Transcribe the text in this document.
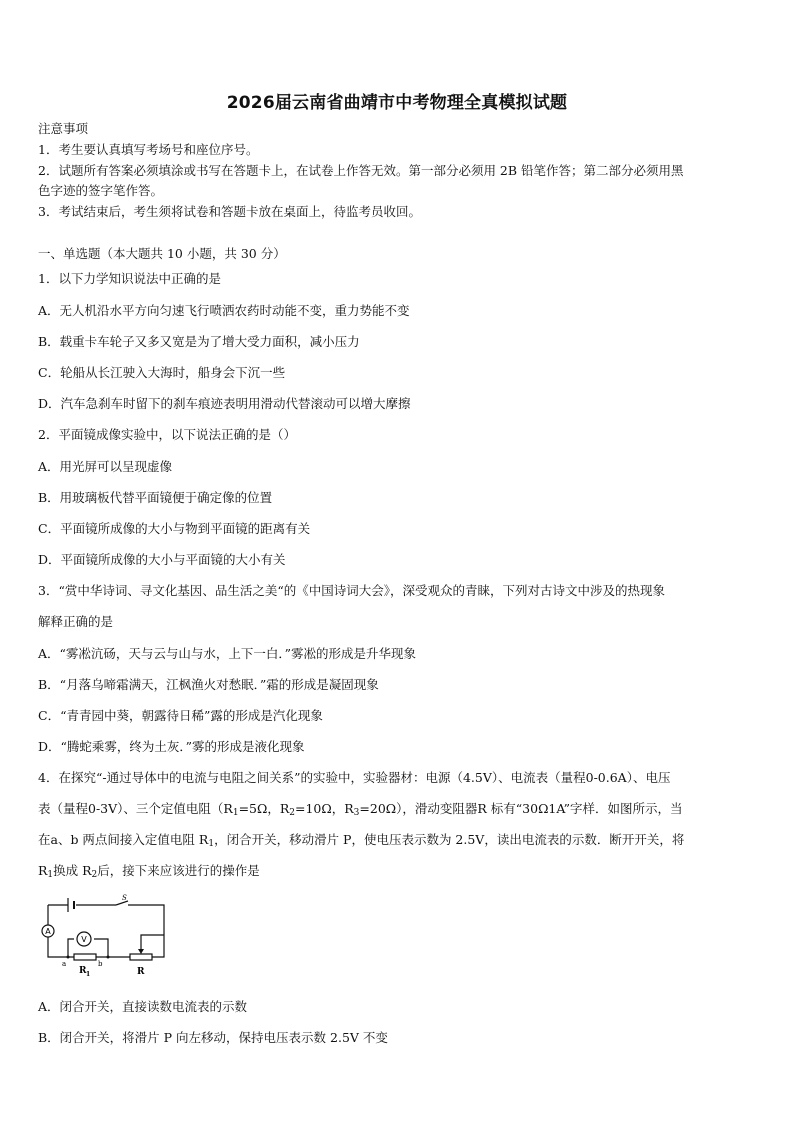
2026届云南省曲靖市中考物理全真模拟试题
注意事项
1．考生要认真填写考场号和座位序号。
2．试题所有答案必须填涂或书写在答题卡上，在试卷上作答无效。第一部分必须用 2B 铅笔作答；第二部分必须用黑
色字迹的签字笔作答。
3．考试结束后，考生须将试卷和答题卡放在桌面上，待监考员收回。
一、单选题（本大题共 10 小题，共 30 分）
1．以下力学知识说法中正确的是
A．无人机沿水平方向匀速飞行喷洒农药时动能不变，重力势能不变
B．载重卡车轮子又多又宽是为了增大受力面积，减小压力
C．轮船从长江驶入大海时，船身会下沉一些
D．汽车急刹车时留下的刹车痕迹表明用滑动代替滚动可以增大摩擦
2．平面镜成像实验中，以下说法正确的是（）
A．用光屏可以呈现虚像
B．用玻璃板代替平面镜便于确定像的位置
C．平面镜所成像的大小与物到平面镜的距离有关
D．平面镜所成像的大小与平面镜的大小有关
3．“赏中华诗词、寻文化基因、品生活之美“的《中国诗词大会》，深受观众的青睐，下列对古诗文中涉及的热现象
解释正确的是
A．“雾凇沆砀，天与云与山与水，上下一白．”雾凇的形成是升华现象
B．“月落乌啼霜满天，江枫渔火对愁眠．”霜的形成是凝固现象
C．“青青园中葵，朝露待日稀”露的形成是汽化现象
D．“腾蛇乘雾，终为土灰．”雾的形成是液化现象
4．在探究“-通过导体中的电流与电阻之间关系”的实验中，实验器材：电源（4.5V）、电流表（量程0-0.6A）、电压
表（量程0-3V）、三个定值电阻（$R_1=5\Omega$，$R_2=10\Omega$，$R_3=20\Omega$），滑动变阻器R 标有“30Ω1A”字样．如图所示，当
在a、b 两点间接入定值电阻 $R_1$，闭合开关，移动滑片 P，使电压表示数为 2.5V，读出电流表的示数．断开开关，将
$R_1$换成 $R_2$后，接下来应该进行的操作是
A
V
S
a	b
R 1	R
A．闭合开关，直接读数电流表的示数
B．闭合开关，将滑片 P 向左移动，保持电压表示数 2.5V 不变
